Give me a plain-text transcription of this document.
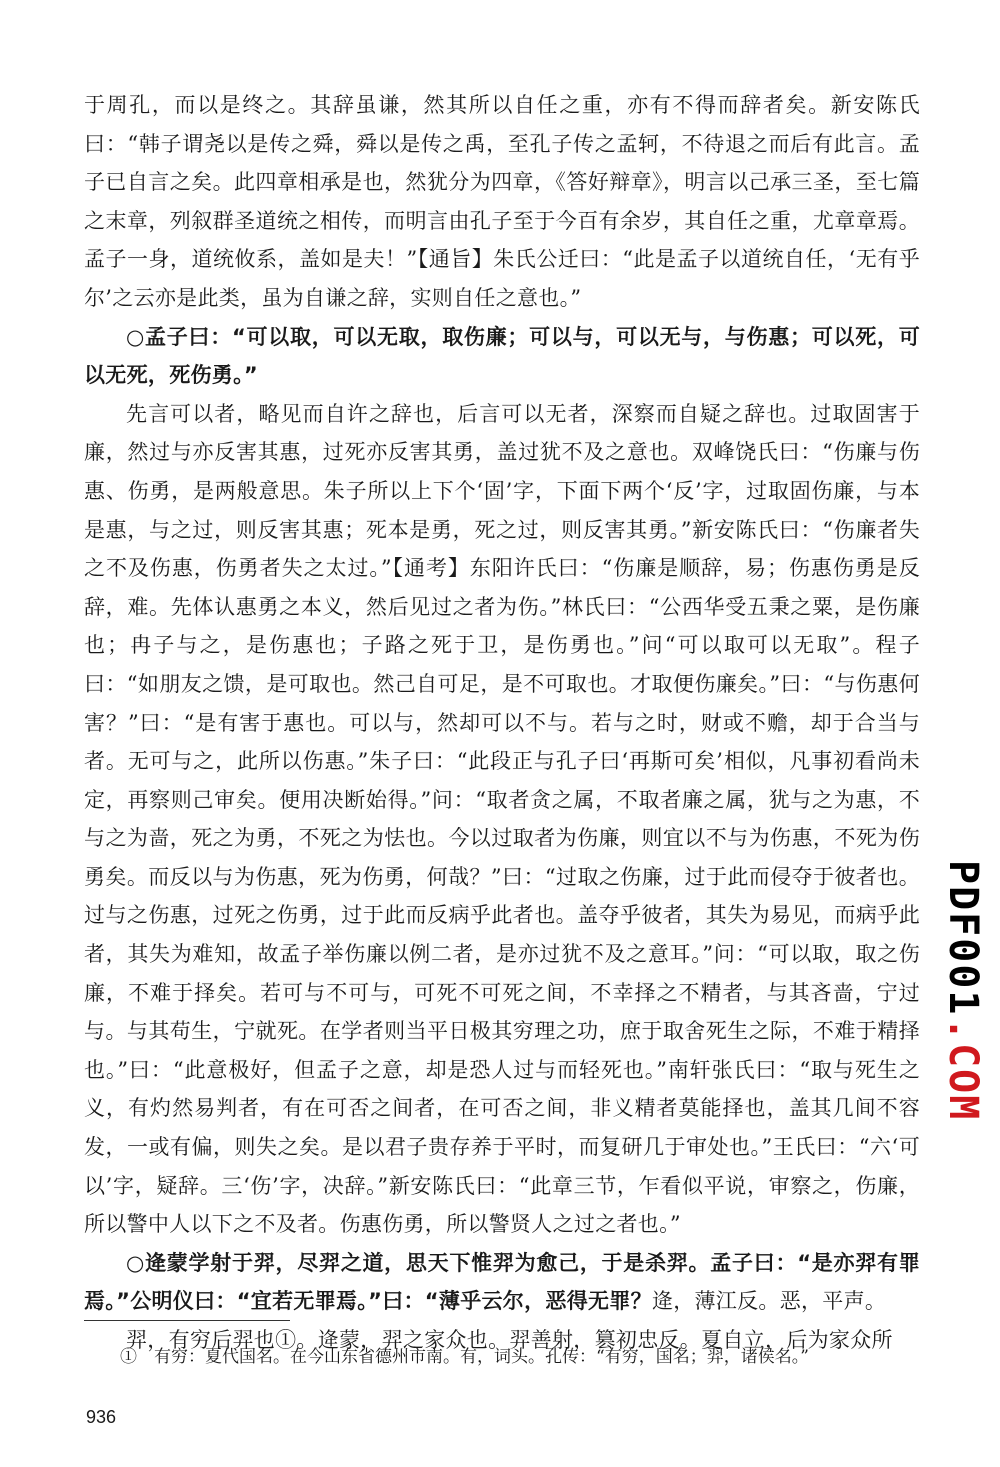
于周孔，而以是终之。其辞虽谦，然其所以自任之重，亦有不得而辞者矣。新安陈氏曰：“韩子谓尧以是传之舜，舜以是传之禹，至孔子传之孟轲，不待退之而后有此言。孟子已自言之矣。此四章相承是也，然犹分为四章，《答好辩章》，明言以己承三圣，至七篇之末章，列叙群圣道统之相传，而明言由孔子至于今百有余岁，其自任之重，尤章章焉。孟子一身，道统攸系，盖如是夫！”【通旨】朱氏公迁曰：“此是孟子以道统自任，‘无有乎尔’之云亦是此类，虽为自谦之辞，实则自任之意也。”

○孟子曰：“可以取，可以无取，取伤廉；可以与，可以无与，与伤惠；可以死，可以无死，死伤勇。”

先言可以者，略见而自许之辞也，后言可以无者，深察而自疑之辞也。过取固害于廉，然过与亦反害其惠，过死亦反害其勇，盖过犹不及之意也。双峰饶氏曰：“伤廉与伤惠、伤勇，是两般意思。朱子所以上下个‘固’字，下面下两个‘反’字，过取固伤廉，与本是惠，与之过，则反害其惠；死本是勇，死之过，则反害其勇。”新安陈氏曰：“伤廉者失之不及伤惠，伤勇者失之太过。”【通考】东阳许氏曰：“伤廉是顺辞，易；伤惠伤勇是反辞，难。先体认惠勇之本义，然后见过之者为伤。”林氏曰：“公西华受五秉之粟，是伤廉也；冉子与之，是伤惠也；子路之死于卫，是伤勇也。”问“可以取可以无取”。程子曰：“如朋友之馈，是可取也。然己自可足，是不可取也。才取便伤廉矣。”曰：“与伤惠何害？”曰：“是有害于惠也。可以与，然却可以不与。若与之时，财或不赡，却于合当与者。无可与之，此所以伤惠。”朱子曰：“此段正与孔子曰‘再斯可矣’相似，凡事初看尚未定，再察则己审矣。便用决断始得。”问：“取者贪之属，不取者廉之属，犹与之为惠，不与之为啬，死之为勇，不死之为怯也。今以过取者为伤廉，则宜以不与为伤惠，不死为伤勇矣。而反以与为伤惠，死为伤勇，何哉？”曰：“过取之伤廉，过于此而侵夺于彼者也。过与之伤惠，过死之伤勇，过于此而反病乎此者也。盖夺乎彼者，其失为易见，而病乎此者，其失为难知，故孟子举伤廉以例二者，是亦过犹不及之意耳。”问：“可以取，取之伤廉，不难于择矣。若可与不可与，可死不可死之间，不幸择之不精者，与其吝啬，宁过与。与其苟生，宁就死。在学者则当平日极其穷理之功，庶于取舍死生之际，不难于精择也。”曰：“此意极好，但孟子之意，却是恐人过与而轻死也。”南轩张氏曰：“取与死生之义，有灼然易判者，有在可否之间者，在可否之间，非义精者莫能择也，盖其几间不容发，一或有偏，则失之矣。是以君子贵存养于平时，而复研几于审处也。”王氏曰：“六‘可以’字，疑辞。三‘伤’字，决辞。”新安陈氏曰：“此章三节，乍看似平说，审察之，伤廉，所以警中人以下之不及者。伤惠伤勇，所以警贤人之过之者也。”

○逄蒙学射于羿，尽羿之道，思天下惟羿为愈己，于是杀羿。孟子曰：“是亦羿有罪焉。”公明仪曰：“宜若无罪焉。”曰：“薄乎云尔，恶得无罪？逄，薄江反。恶，平声。

羿，有穷后羿也①。逄蒙，羿之家众也。羿善射，篡初忠反。夏自立，后为家众所

①　有穷：夏代国名。在今山东省德州市南。有，词头。孔传：“有穷，国名；羿，诸侯名。”
936
PDF001
.COM
